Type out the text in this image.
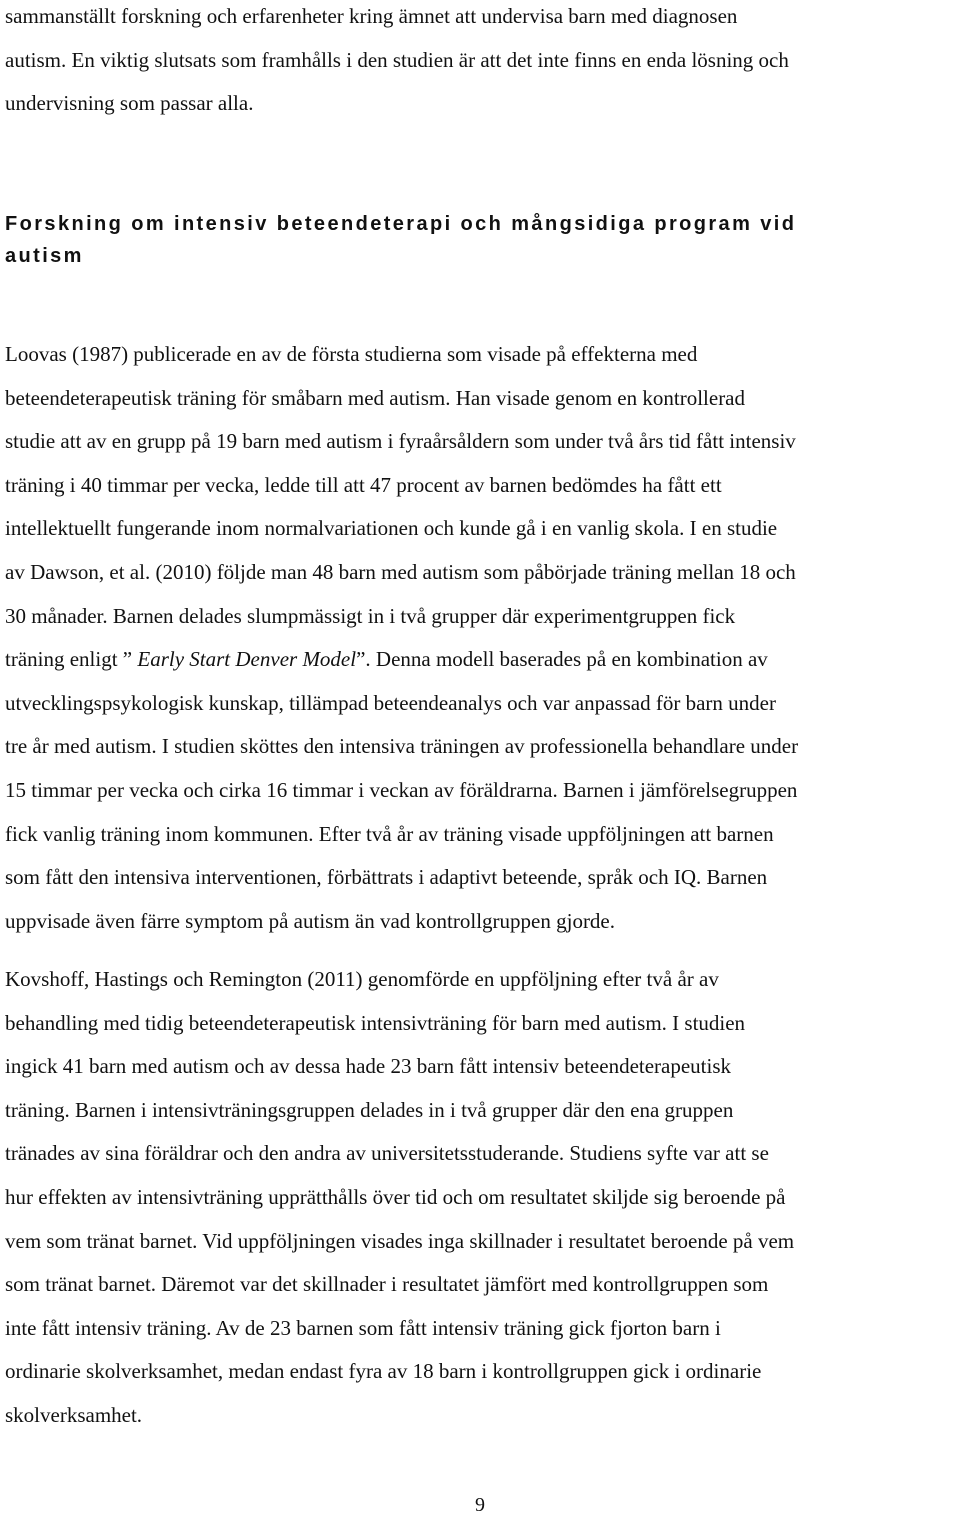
sammanställt forskning och erfarenheter kring ämnet att undervisa barn med diagnosen
autism. En viktig slutsats som framhålls i den studien är att det inte finns en enda lösning och
undervisning som passar alla.

Forskning om intensiv beteendeterapi och mångsidiga program vid
autism

Loovas (1987) publicerade en av de första studierna som visade på effekterna med
beteendeterapeutisk träning för småbarn med autism. Han visade genom en kontrollerad
studie att av en grupp på 19 barn med autism i fyraårsåldern som under två års tid fått intensiv
träning i 40 timmar per vecka, ledde till att 47 procent av barnen bedömdes ha fått ett
intellektuellt fungerande inom normalvariationen och kunde gå i en vanlig skola. I en studie
av Dawson, et al. (2010) följde man 48 barn med autism som påbörjade träning mellan 18 och
30 månader. Barnen delades slumpmässigt in i två grupper där experimentgruppen fick
träning enligt ” Early Start Denver Model”. Denna modell baserades på en kombination av
utvecklingspsykologisk kunskap, tillämpad beteendeanalys och var anpassad för barn under
tre år med autism. I studien sköttes den intensiva träningen av professionella behandlare under
15 timmar per vecka och cirka 16 timmar i veckan av föräldrarna. Barnen i jämförelsegruppen
fick vanlig träning inom kommunen. Efter två år av träning visade uppföljningen att barnen
som fått den intensiva interventionen, förbättrats i adaptivt beteende, språk och IQ. Barnen
uppvisade även färre symptom på autism än vad kontrollgruppen gjorde.

Kovshoff, Hastings och Remington (2011) genomförde en uppföljning efter två år av
behandling med tidig beteendeterapeutisk intensivträning för barn med autism. I studien
ingick 41 barn med autism och av dessa hade 23 barn fått intensiv beteendeterapeutisk
träning. Barnen i intensivträningsgruppen delades in i två grupper där den ena gruppen
tränades av sina föräldrar och den andra av universitetsstuderande. Studiens syfte var att se
hur effekten av intensivträning upprätthålls över tid och om resultatet skiljde sig beroende på
vem som tränat barnet. Vid uppföljningen visades inga skillnader i resultatet beroende på vem
som tränat barnet. Däremot var det skillnader i resultatet jämfört med kontrollgruppen som
inte fått intensiv träning. Av de 23 barnen som fått intensiv träning gick fjorton barn i
ordinarie skolverksamhet, medan endast fyra av 18 barn i kontrollgruppen gick i ordinarie
skolverksamhet.

9
